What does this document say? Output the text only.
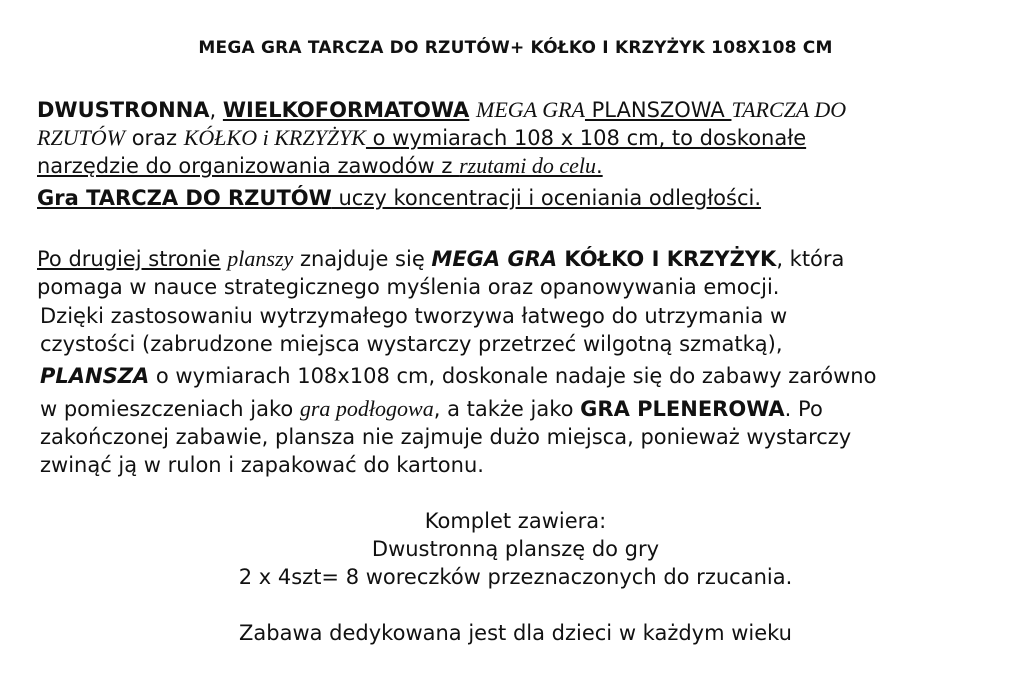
MEGA GRA TARCZA DO RZUTÓW+ KÓŁKO I KRZYŻYK 108X108 CM
DWUSTRONNA, WIELKOFORMATOWA MEGA GRA PLANSZOWA TARCZA DO
RZUTÓW oraz KÓŁKO i KRZYŻYK o wymiarach 108 x 108 cm, to doskonałe
narzędzie do organizowania zawodów z rzutami do celu.
Gra TARCZA DO RZUTÓW uczy koncentracji i oceniania odległości.
Po drugiej stronie planszy znajduje się MEGA GRA KÓŁKO I KRZYŻYK, która
pomaga w nauce strategicznego myślenia oraz opanowywania emocji.
Dzięki zastosowaniu wytrzymałego tworzywa łatwego do utrzymania w
czystości (zabrudzone miejsca wystarczy przetrzeć wilgotną szmatką),
PLANSZA o wymiarach 108x108 cm, doskonale nadaje się do zabawy zarówno
w pomieszczeniach jako gra podłogowa, a także jako GRA PLENEROWA. Po
zakończonej zabawie, plansza nie zajmuje dużo miejsca, ponieważ wystarczy
zwinąć ją w rulon i zapakować do kartonu.
Komplet zawiera:
Dwustronną planszę do gry
2 x 4szt= 8 woreczków przeznaczonych do rzucania.
Zabawa dedykowana jest dla dzieci w każdym wieku
